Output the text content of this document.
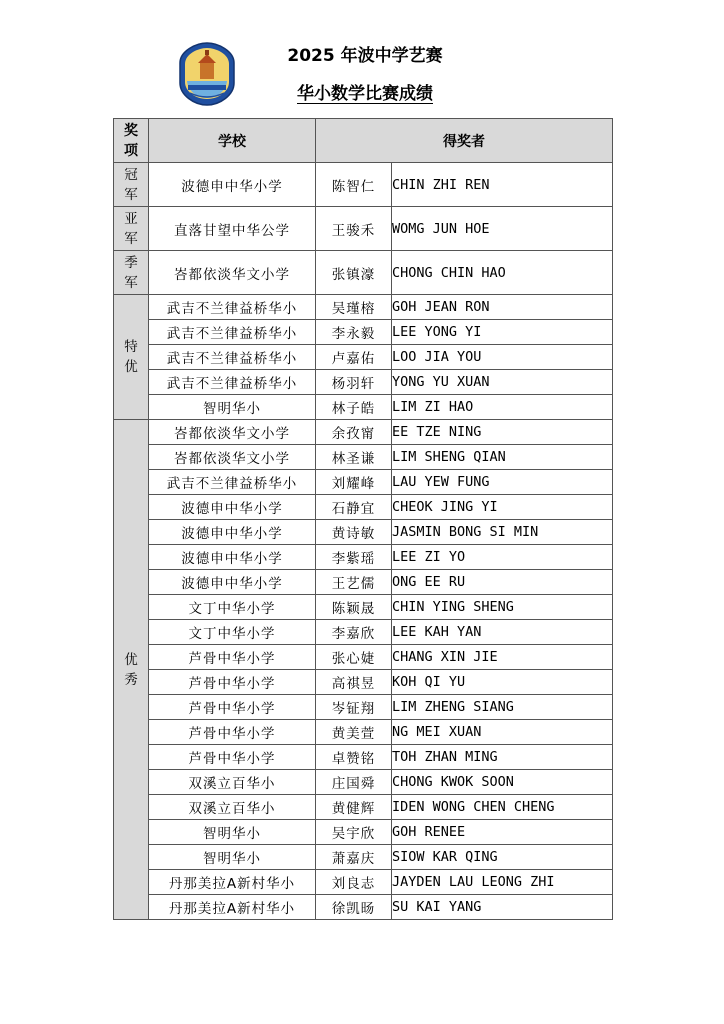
2025 年波中学艺赛
华小数学比赛成绩
奖项	学校	得奖者	

冠军	波德申中华小学	陈智仁	CHIN ZHI REN

亚军	直落甘望中华公学	王骏禾	WOMG JUN HOE

季军	峇都依淡华文小学	张镇濠	CHONG CHIN HAO

特优	武吉不兰律益桥华小	吴瑾榕	GOH JEAN RON
	武吉不兰律益桥华小	李永毅	LEE YONG YI
	武吉不兰律益桥华小	卢嘉佑	LOO JIA YOU
	武吉不兰律益桥华小	杨羽轩	YONG YU XUAN
	智明华小	林子皓	LIM ZI HAO

优秀	峇都依淡华文小学	余孜甯	EE TZE NING
	峇都依淡华文小学	林圣谦	LIM SHENG QIAN
	武吉不兰律益桥华小	刘耀峰	LAU YEW FUNG
	波德申中华小学	石静宜	CHEOK JING YI
	波德申中华小学	黄诗敏	JASMIN BONG SI MIN
	波德申中华小学	李紫瑶	LEE ZI YO
	波德申中华小学	王艺儒	ONG EE RU
	文丁中华小学	陈颖晟	CHIN YING SHENG
	文丁中华小学	李嘉欣	LEE KAH YAN
	芦骨中华小学	张心婕	CHANG XIN JIE
	芦骨中华小学	高祺昱	KOH QI YU
	芦骨中华小学	岑钲翔	LIM ZHENG SIANG
	芦骨中华小学	黄美萱	NG MEI XUAN
	芦骨中华小学	卓赞铭	TOH ZHAN MING
	双溪立百华小	庄国舜	CHONG KWOK SOON
	双溪立百华小	黄健辉	IDEN WONG CHEN CHENG
	智明华小	吴宇欣	GOH RENEE
	智明华小	萧嘉庆	SIOW KAR QING
	丹那美拉A新村华小	刘良志	JAYDEN LAU LEONG ZHI
	丹那美拉A新村华小	徐凯旸	SU KAI YANG
